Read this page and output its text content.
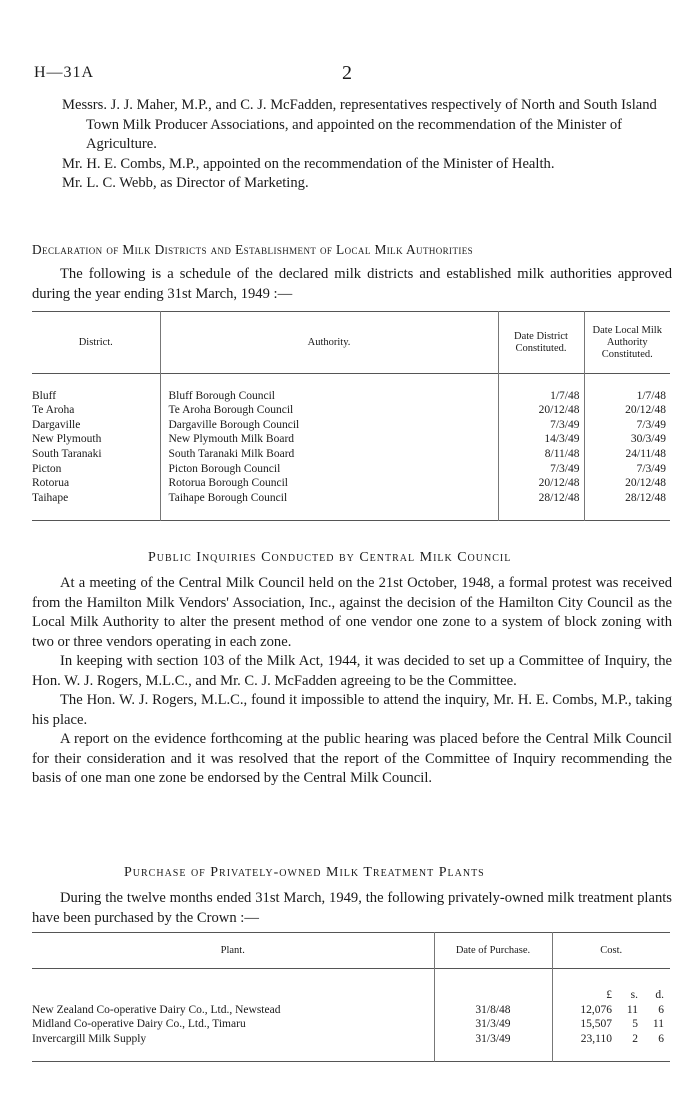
H—31A	2

Messrs. J. J. Maher, M.P., and C. J. McFadden, representatives respectively of North and South Island Town Milk Producer Associations, and appointed on the recommendation of the Minister of Agriculture.

Mr. H. E. Combs, M.P., appointed on the recommendation of the Minister of Health.

Mr. L. C. Webb, as Director of Marketing.

Declaration of Milk Districts and Establishment of Local Milk Authorities

The following is a schedule of the declared milk districts and established milk authorities approved during the year ending 31st March, 1949 :—

District.	Authority.	Date District Constituted.	Date Local Milk Authority Constituted.

Bluff	Bluff Borough Council	1/7/48	1/7/48
Te Aroha	Te Aroha Borough Council	20/12/48	20/12/48
Dargaville	Dargaville Borough Council	7/3/49	7/3/49
New Plymouth	New Plymouth Milk Board	14/3/49	30/3/49
South Taranaki	South Taranaki Milk Board	8/11/48	24/11/48
Picton	Picton Borough Council	7/3/49	7/3/49
Rotorua	Rotorua Borough Council	20/12/48	20/12/48
Taihape	Taihape Borough Council	28/12/48	28/12/48

Public Inquiries Conducted by Central Milk Council

At a meeting of the Central Milk Council held on the 21st October, 1948, a formal protest was received from the Hamilton Milk Vendors' Association, Inc., against the decision of the Hamilton City Council as the Local Milk Authority to alter the present method of one vendor one zone to a system of block zoning with two or three vendors operating in each zone.

In keeping with section 103 of the Milk Act, 1944, it was decided to set up a Committee of Inquiry, the Hon. W. J. Rogers, M.L.C., and Mr. C. J. McFadden agreeing to be the Committee.

The Hon. W. J. Rogers, M.L.C., found it impossible to attend the inquiry, Mr. H. E. Combs, M.P., taking his place.

A report on the evidence forthcoming at the public hearing was placed before the Central Milk Council for their consideration and it was resolved that the report of the Committee of Inquiry recommending the basis of one man one zone be endorsed by the Central Milk Council.

Purchase of Privately-owned Milk Treatment Plants

During the twelve months ended 31st March, 1949, the following privately-owned milk treatment plants have been purchased by the Crown :—

Plant.	Date of Purchase.	Cost.
		£ s. d.
New Zealand Co-operative Dairy Co., Ltd., Newstead	31/8/48	12,076 11 6
Midland Co-operative Dairy Co., Ltd., Timaru	31/3/49	15,507 5 11
Invercargill Milk Supply	31/3/49	23,110 2 6
